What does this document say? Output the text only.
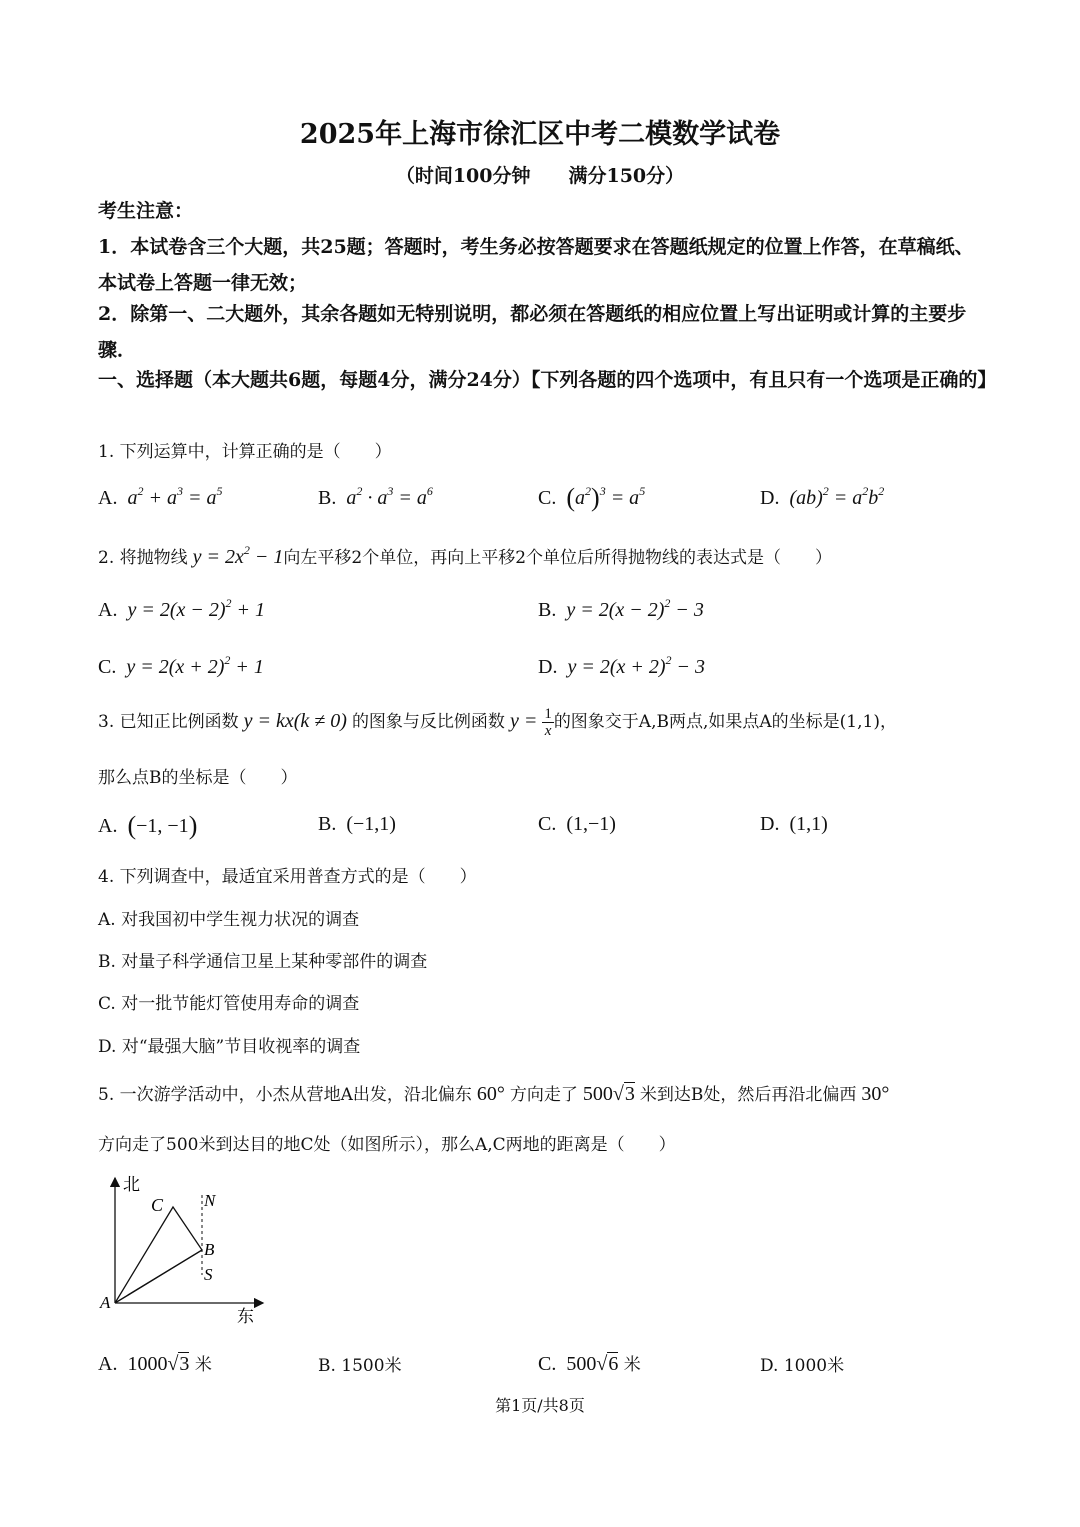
2025年上海市徐汇区中考二模数学试卷
（时间100分钟　　满分150分）
考生注意：
1．本试卷含三个大题，共25题；答题时，考生务必按答题要求在答题纸规定的位置上作答，在草稿纸、本试卷上答题一律无效；
2．除第一、二大题外，其余各题如无特别说明，都必须在答题纸的相应位置上写出证明或计算的主要步骤．
一、选择题（本大题共6题，每题4分，满分24分）【下列各题的四个选项中，有且只有一个选项是正确的】
1. 下列运算中，计算正确的是（　　）
A.  $a^2 + a^3 = a^5$	B.  $a^2 \cdot a^3 = a^6$	C.  $(a^2)^3 = a^5$	D.  $(ab)^2 = a^2b^2$
2. 将抛物线 $y = 2x^2 - 1$向左平移2个单位，再向上平移2个单位后所得抛物线的表达式是（　　）
A.  $y = 2(x - 2)^2 + 1$	B.  $y = 2(x - 2)^2 - 3$
C.  $y = 2(x + 2)^2 + 1$	D.  $y = 2(x + 2)^2 - 3$
3. 已知正比例函数 y = kx(k ≠ 0) 的图象与反比例函数 $y = \frac{1}{x}$ 的图象交于A,B两点,如果点A的坐标是(1,1)，
那么点B的坐标是（　　）
A.  (−1, −1)	B.  (−1,1)	C.  (1,−1)	D.  (1,1)
4. 下列调查中，最适宜采用普查方式的是（　　）
A. 对我国初中学生视力状况的调查
B. 对量子科学通信卫星上某种零部件的调查
C. 对一批节能灯管使用寿命的调查
D. 对“最强大脑”节目收视率的调查
5. 一次游学活动中，小杰从营地A出发，沿北偏东 60° 方向走了 500√3 米到达B处，然后再沿北偏西 30°
方向走了500米到达目的地C处（如图所示），那么A,C两地的距离是（　　）
北
东
A
C N
B
S
A.  1000√3 米	B. 1500米	C.  500√6 米	D. 1000米
第1页/共8页
